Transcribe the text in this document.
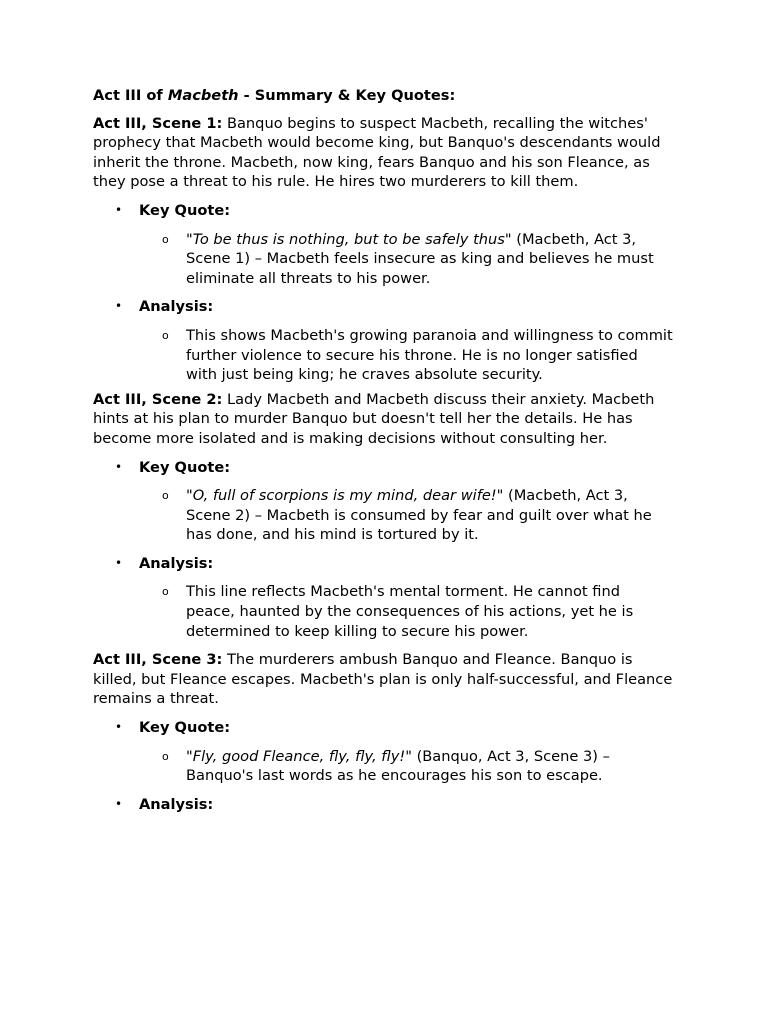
Act III of Macbeth - Summary & Key Quotes:

Act III, Scene 1: Banquo begins to suspect Macbeth, recalling the witches' prophecy that Macbeth would become king, but Banquo's descendants would inherit the throne. Macbeth, now king, fears Banquo and his son Fleance, as they pose a threat to his rule. He hires two murderers to kill them.

• Key Quote:
o "To be thus is nothing, but to be safely thus" (Macbeth, Act 3, Scene 1) – Macbeth feels insecure as king and believes he must eliminate all threats to his power.
• Analysis:
o This shows Macbeth's growing paranoia and willingness to commit further violence to secure his throne. He is no longer satisfied with just being king; he craves absolute security.

Act III, Scene 2: Lady Macbeth and Macbeth discuss their anxiety. Macbeth hints at his plan to murder Banquo but doesn't tell her the details. He has become more isolated and is making decisions without consulting her.

• Key Quote:
o "O, full of scorpions is my mind, dear wife!" (Macbeth, Act 3, Scene 2) – Macbeth is consumed by fear and guilt over what he has done, and his mind is tortured by it.
• Analysis:
o This line reflects Macbeth's mental torment. He cannot find peace, haunted by the consequences of his actions, yet he is determined to keep killing to secure his power.

Act III, Scene 3: The murderers ambush Banquo and Fleance. Banquo is killed, but Fleance escapes. Macbeth's plan is only half-successful, and Fleance remains a threat.

• Key Quote:
o "Fly, good Fleance, fly, fly, fly!" (Banquo, Act 3, Scene 3) – Banquo's last words as he encourages his son to escape.
• Analysis:
